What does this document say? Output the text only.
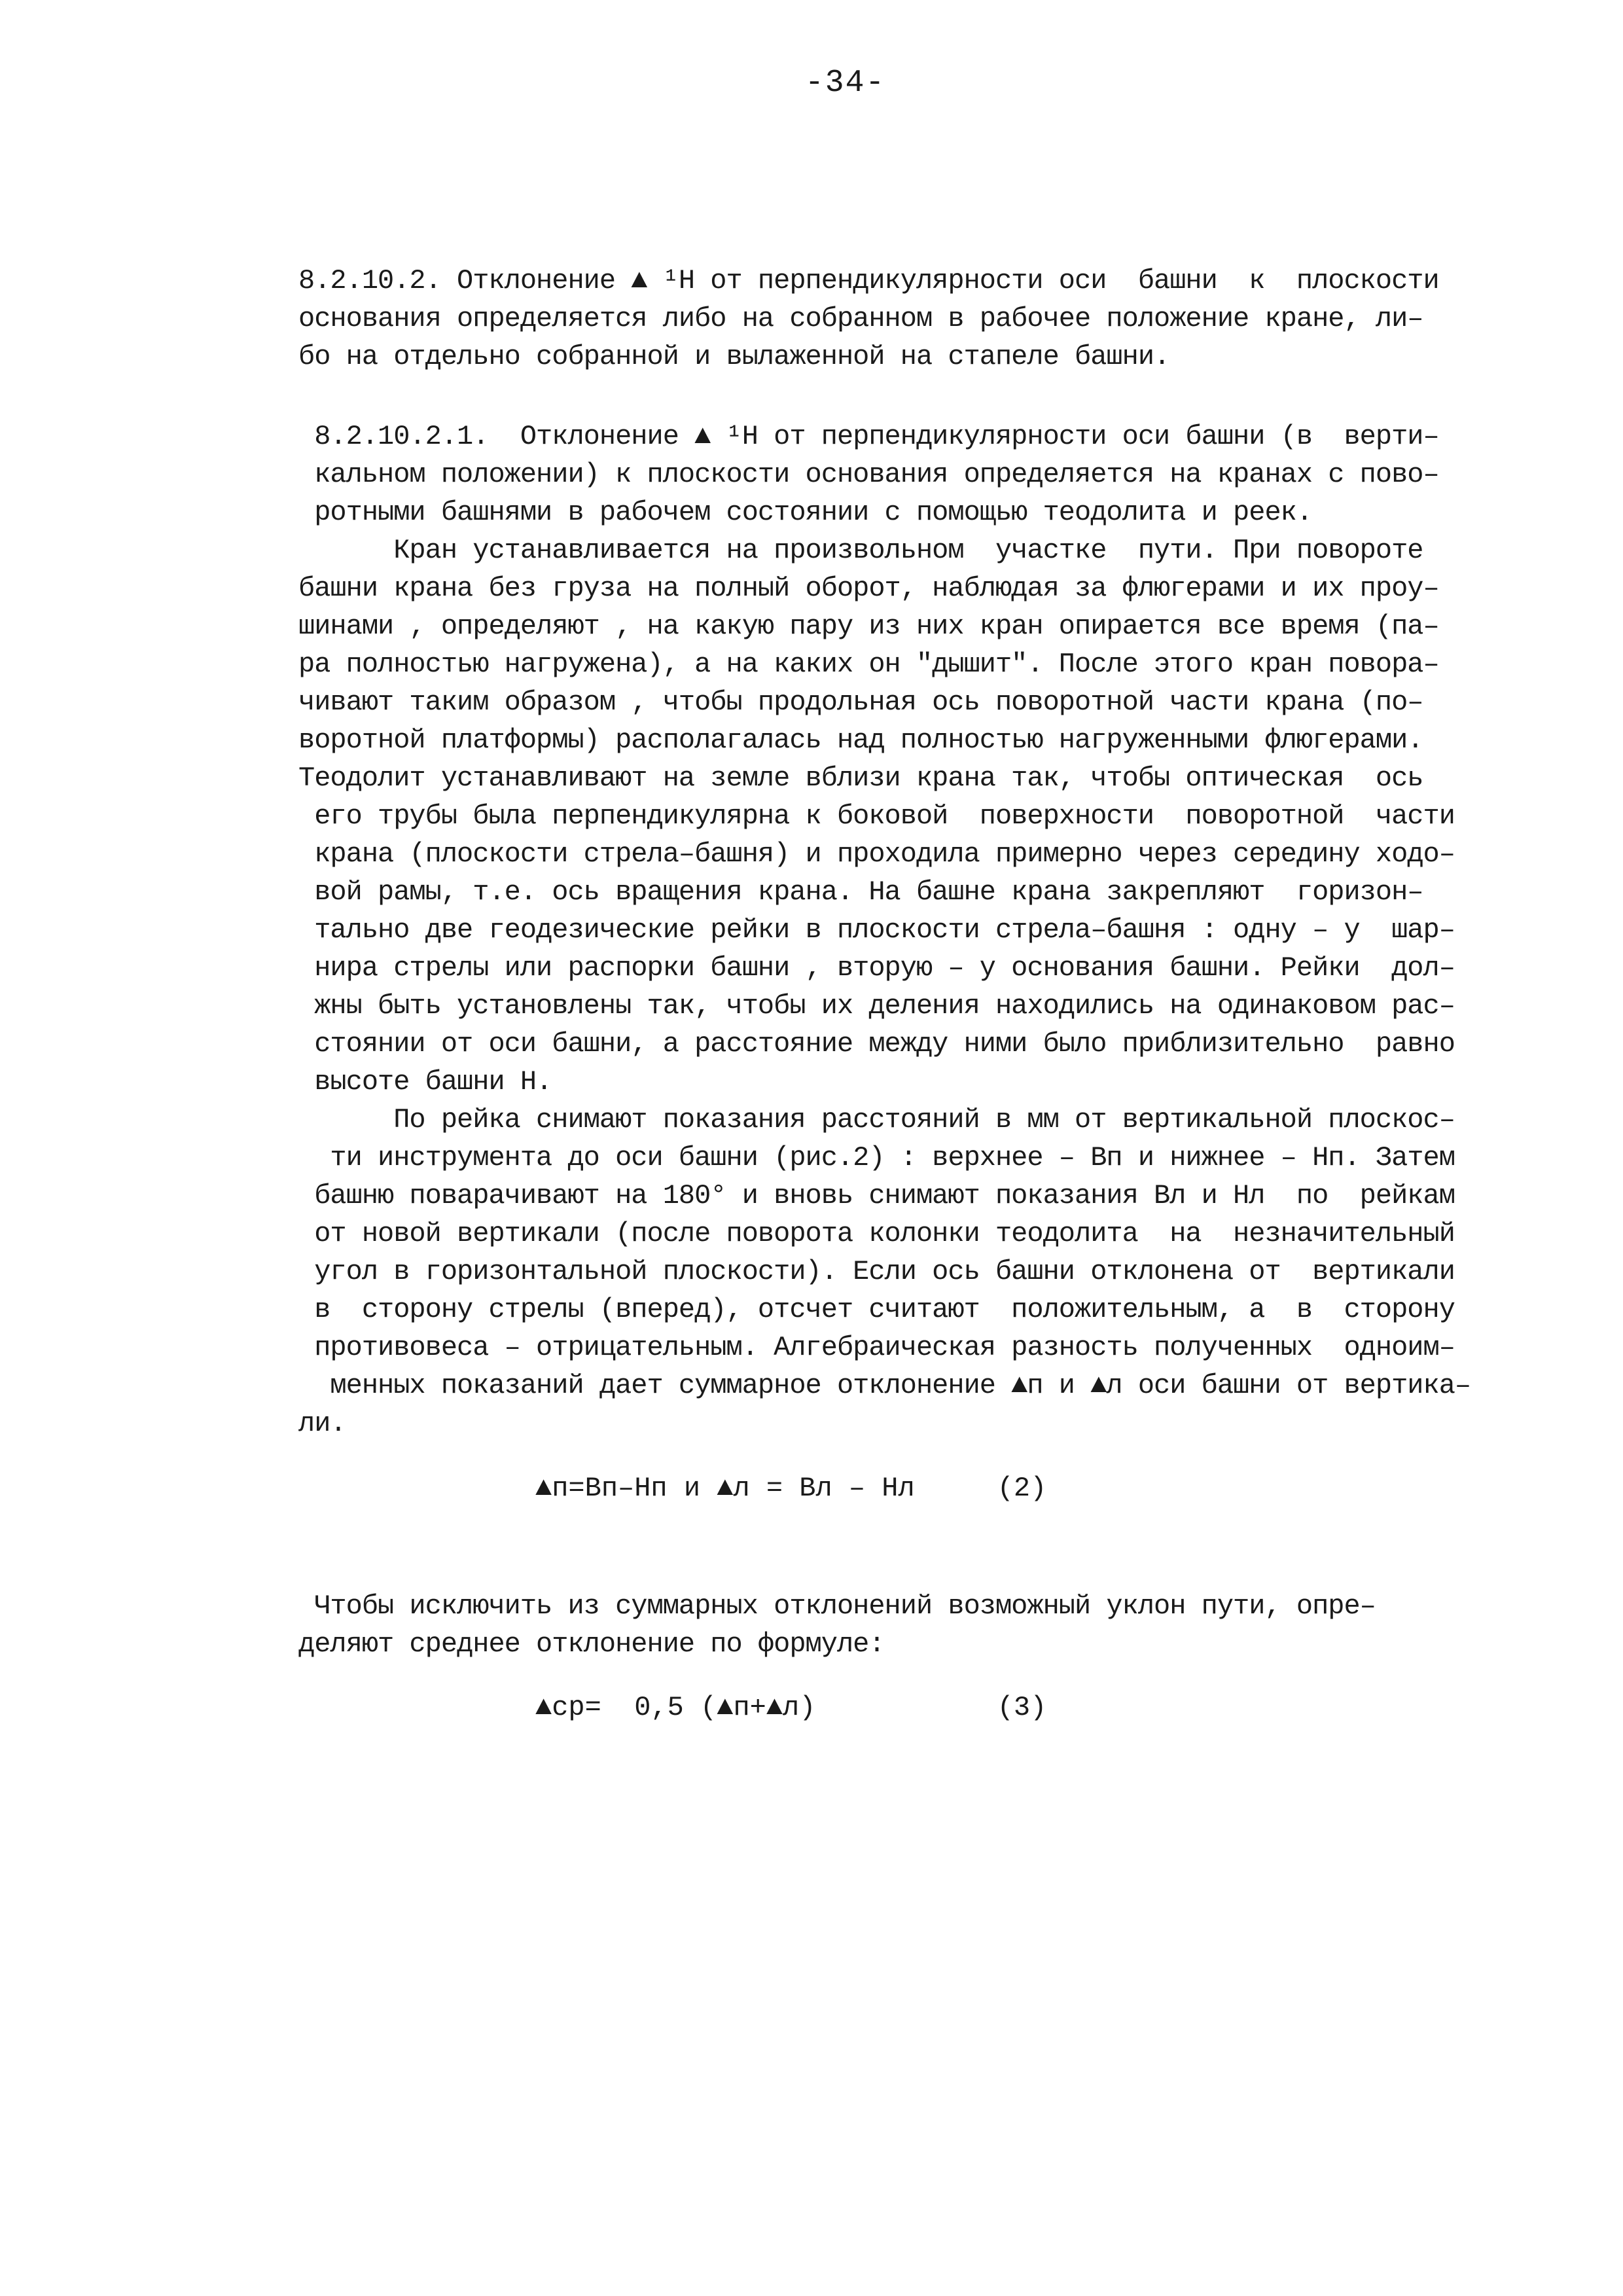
-34-
8.2.10.2. Отклонение ▲ ¹Н от перпендикулярности оси  башни  к  плоскости
основания определяется либо на собранном в рабочее положение кране, ли–
бо на отдельно собранной и вылаженной на стапеле башни.
8.2.10.2.1.  Отклонение ▲ ¹Н от перпендикулярности оси башни (в  верти–
кальном положении) к плоскости основания определяется на кранах с пово–
ротными башнями в рабочем состоянии с помощью теодолита и реек.
Кран устанавливается на произвольном  участке  пути. При повороте
башни крана без груза на полный оборот, наблюдая за флюгерами и их проу–
шинами , определяют , на какую пару из них кран опирается все время (па–
ра полностью нагружена), а на каких он "дышит". После этого кран повора–
чивают таким образом , чтобы продольная ось поворотной части крана (по–
воротной платформы) располагалась над полностью нагруженными флюгерами.
Теодолит устанавливают на земле вблизи крана так, чтобы оптическая  ось
его трубы была перпендикулярна к боковой  поверхности  поворотной  части
крана (плоскости стрела–башня) и проходила примерно через середину ходо–
вой рамы, т.е. ось вращения крана. На башне крана закрепляют  горизон–
тально две геодезические рейки в плоскости стрела–башня : одну – у  шар–
нира стрелы или распорки башни , вторую – у основания башни. Рейки  дол–
жны быть установлены так, чтобы их деления находились на одинаковом рас–
стоянии от оси башни, а расстояние между ними было приблизительно  равно
высоте башни Н.
По рейка снимают показания расстояний в мм от вертикальной плоскос–
ти инструмента до оси башни (рис.2) : верхнее – Вп и нижнее – Нп. Затем
башню поварачивают на 180° и вновь снимают показания Вл и Нл  по  рейкам
от новой вертикали (после поворота колонки теодолита  на  незначительный
угол в горизонтальной плоскости). Если ось башни отклонена от  вертикали
в  сторону стрелы (вперед), отсчет считают  положительным, а  в  сторону
противовеса – отрицательным. Алгебраическая разность полученных  одноим–
менных показаний дает суммарное отклонение ▲п и ▲л оси башни от вертика–
ли.
▲п=Вп–Нп и ▲л = Вл – Нл     (2)
Чтобы исключить из суммарных отклонений возможный уклон пути, опре–
деляют среднее отклонение по формуле:
▲ср=  0,5 (▲п+▲л)           (3)
